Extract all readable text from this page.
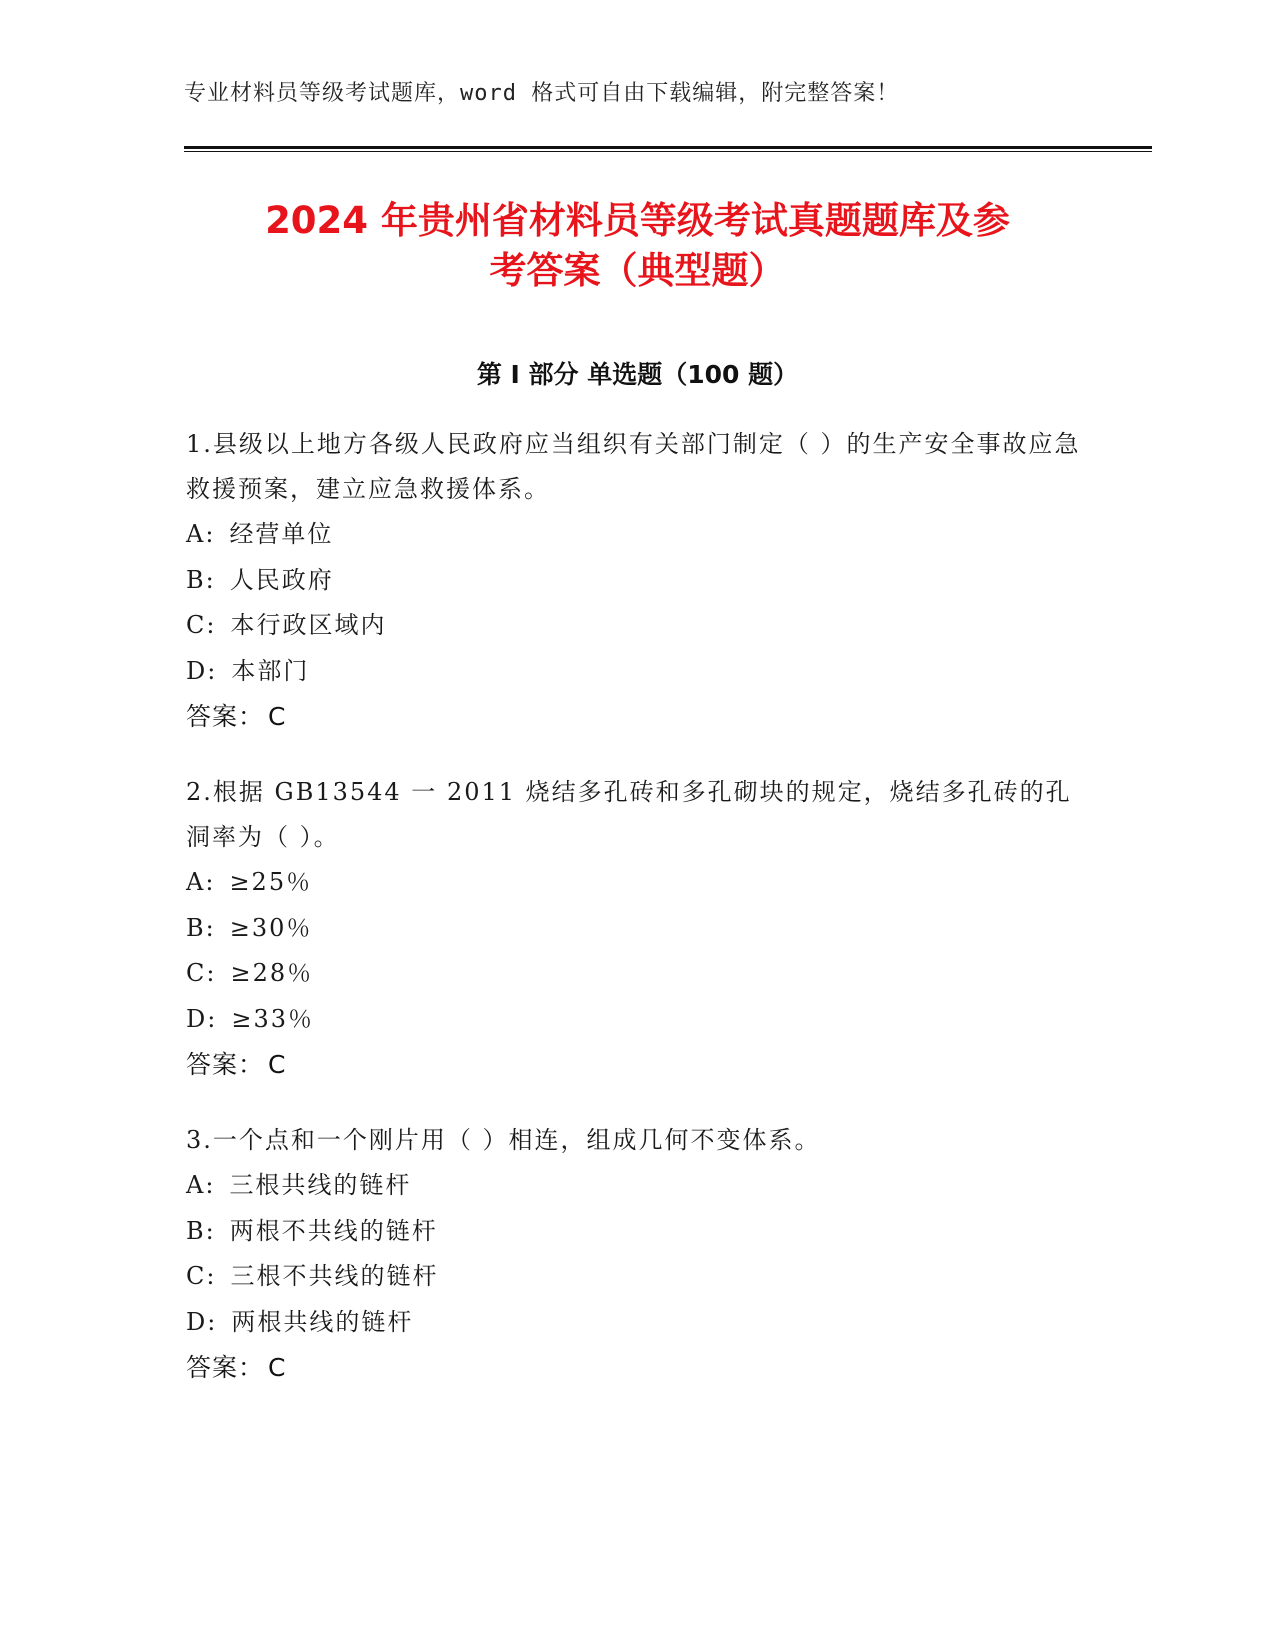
专业材料员等级考试题库，word 格式可自由下载编辑，附完整答案！
2024 年贵州省材料员等级考试真题题库及参
考答案（典型题）
第 I 部分 单选题（100 题）

1.县级以上地方各级人民政府应当组织有关部门制定（ ）的生产安全事故应急救援预案，建立应急救援体系。

A: 经营单位

B: 人民政府

C: 本行政区域内

D: 本部门

答案： C

2.根据 GB13544 一 2011 烧结多孔砖和多孔砌块的规定，烧结多孔砖的孔洞率为（ ）。

A: ≥25％

B: ≥30％

C: ≥28％

D: ≥33％

答案： C

3.一个点和一个刚片用（ ）相连，组成几何不变体系。

A: 三根共线的链杆

B: 两根不共线的链杆

C: 三根不共线的链杆

D: 两根共线的链杆

答案： C
